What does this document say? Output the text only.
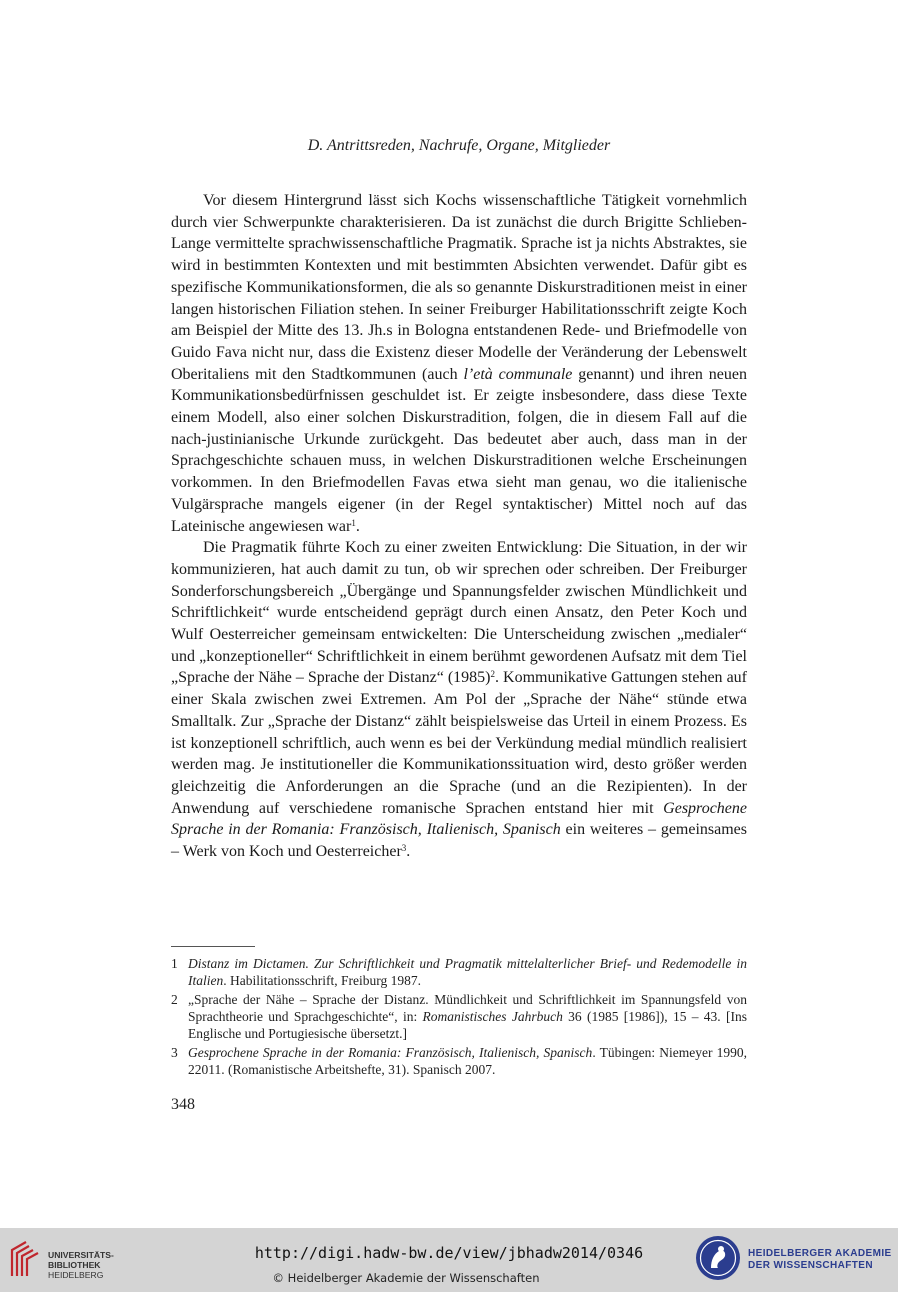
D. Antrittsreden, Nachrufe, Organe, Mitglieder

Vor diesem Hintergrund lässt sich Kochs wissenschaftliche Tätigkeit vornehmlich durch vier Schwerpunkte charakterisieren. Da ist zunächst die durch Brigitte Schlieben-Lange vermittelte sprachwissenschaftliche Pragmatik. Sprache ist ja nichts Abstraktes, sie wird in bestimmten Kontexten und mit bestimmten Absichten verwendet. Dafür gibt es spezifische Kommunikationsformen, die als so genannte Diskurstraditionen meist in einer langen historischen Filiation stehen. In seiner Freiburger Habilitationsschrift zeigte Koch am Beispiel der Mitte des 13. Jh.s in Bologna entstandenen Rede- und Briefmodelle von Guido Fava nicht nur, dass die Existenz dieser Modelle der Veränderung der Lebenswelt Oberitaliens mit den Stadtkommunen (auch l’età communale genannt) und ihren neuen Kommunikationsbedürfnissen geschuldet ist. Er zeigte insbesondere, dass diese Texte einem Modell, also einer solchen Diskurstradition, folgen, die in diesem Fall auf die nach-justinianische Urkunde zurückgeht. Das bedeutet aber auch, dass man in der Sprachgeschichte schauen muss, in welchen Diskurstraditionen welche Erscheinungen vorkommen. In den Briefmodellen Favas etwa sieht man genau, wo die italienische Vulgärsprache mangels eigener (in der Regel syntaktischer) Mittel noch auf das Lateinische angewiesen war$^1$.

Die Pragmatik führte Koch zu einer zweiten Entwicklung: Die Situation, in der wir kommunizieren, hat auch damit zu tun, ob wir sprechen oder schreiben. Der Freiburger Sonderforschungsbereich „Übergänge und Spannungsfelder zwischen Mündlichkeit und Schriftlichkeit“ wurde entscheidend geprägt durch einen Ansatz, den Peter Koch und Wulf Oesterreicher gemeinsam entwickelten: Die Unterscheidung zwischen „medialer“ und „konzeptioneller“ Schriftlichkeit in einem berühmt gewordenen Aufsatz mit dem Tiel „Sprache der Nähe – Sprache der Distanz“ $(1985)^2$. Kommunikative Gattungen stehen auf einer Skala zwischen zwei Extremen. Am Pol der „Sprache der Nähe“ stünde etwa Smalltalk. Zur „Sprache der Distanz“ zählt beispielsweise das Urteil in einem Prozess. Es ist konzeptionell schriftlich, auch wenn es bei der Verkündung medial mündlich realisiert werden mag. Je institutioneller die Kommunikationssituation wird, desto größer werden gleichzeitig die Anforderungen an die Sprache (und an die Rezipienten). In der Anwendung auf verschiedene romanische Sprachen entstand hier mit Gesprochene Sprache in der Romania: Französisch, Italienisch, Spanisch ein weiteres – gemeinsames – Werk von Koch und Oesterreicher$^3$.

1 Distanz im Dictamen. Zur Schriftlichkeit und Pragmatik mittelalterlicher Brief- und Redemodelle in Italien. Habilitationsschrift, Freiburg 1987.
2 „Sprache der Nähe – Sprache der Distanz. Mündlichkeit und Schriftlichkeit im Spannungsfeld von Sprachtheorie und Sprachgeschichte“, in: Romanistisches Jahrbuch 36 (1985 [1986]), 15 – 43. [Ins Englische und Portugiesische übersetzt.]
3 Gesprochene Sprache in der Romania: Französisch, Italienisch, Spanisch. Tübingen: Niemeyer 1990, 22011. (Romanistische Arbeitshefte, 31). Spanisch 2007.
348
UNIVERSITÄTS-
BIBLIOTHEK
HEIDELBERG
http://digi.hadw-bw.de/view/jbhadw2014/0346
© Heidelberger Akademie der Wissenschaften
HEIDELBERGER AKADEMIE
DER WISSENSCHAFTEN
